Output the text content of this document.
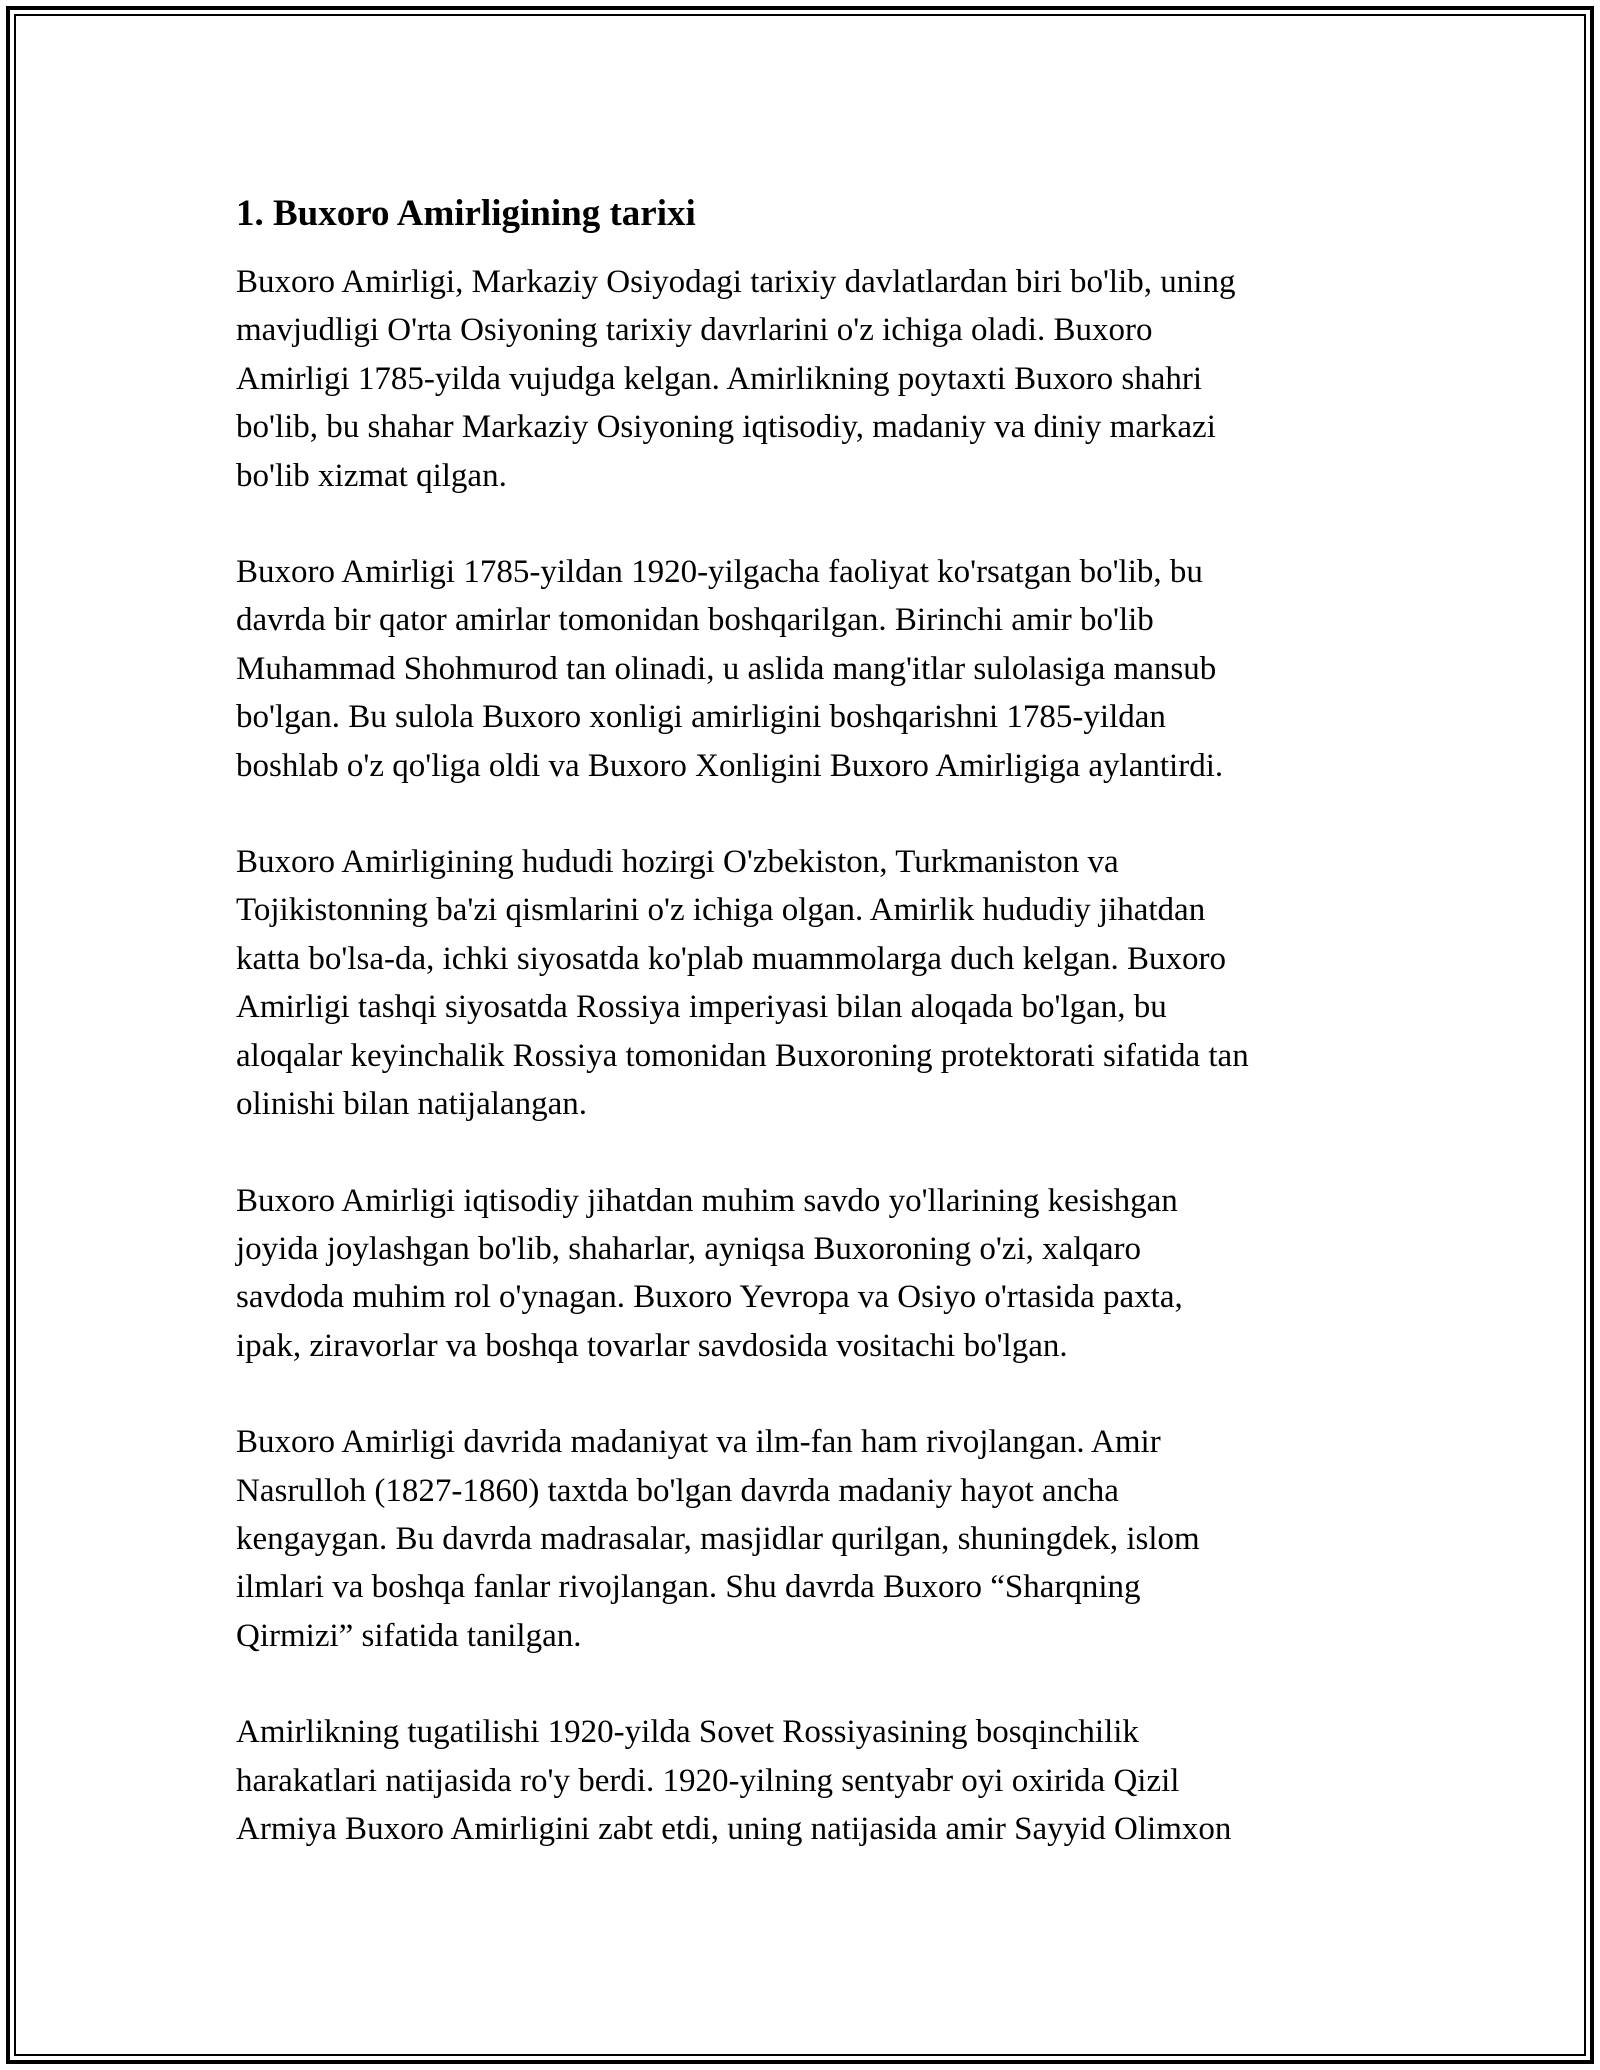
1. Buxoro Amirligining tarixi
Buxoro Amirligi, Markaziy Osiyodagi tarixiy davlatlardan biri bo'lib, uning
mavjudligi O'rta Osiyoning tarixiy davrlarini o'z ichiga oladi. Buxoro
Amirligi 1785-yilda vujudga kelgan. Amirlikning poytaxti Buxoro shahri
bo'lib, bu shahar Markaziy Osiyoning iqtisodiy, madaniy va diniy markazi
bo'lib xizmat qilgan.
Buxoro Amirligi 1785-yildan 1920-yilgacha faoliyat ko'rsatgan bo'lib, bu
davrda bir qator amirlar tomonidan boshqarilgan. Birinchi amir bo'lib
Muhammad Shohmurod tan olinadi, u aslida mang'itlar sulolasiga mansub
bo'lgan. Bu sulola Buxoro xonligi amirligini boshqarishni 1785-yildan
boshlab o'z qo'liga oldi va Buxoro Xonligini Buxoro Amirligiga aylantirdi.
Buxoro Amirligining hududi hozirgi O'zbekiston, Turkmaniston va
Tojikistonning ba'zi qismlarini o'z ichiga olgan. Amirlik hududiy jihatdan
katta bo'lsa-da, ichki siyosatda ko'plab muammolarga duch kelgan. Buxoro
Amirligi tashqi siyosatda Rossiya imperiyasi bilan aloqada bo'lgan, bu
aloqalar keyinchalik Rossiya tomonidan Buxoroning protektorati sifatida tan
olinishi bilan natijalangan.
Buxoro Amirligi iqtisodiy jihatdan muhim savdo yo'llarining kesishgan
joyida joylashgan bo'lib, shaharlar, ayniqsa Buxoroning o'zi, xalqaro
savdoda muhim rol o'ynagan. Buxoro Yevropa va Osiyo o'rtasida paxta,
ipak, ziravorlar va boshqa tovarlar savdosida vositachi bo'lgan.
Buxoro Amirligi davrida madaniyat va ilm-fan ham rivojlangan. Amir
Nasrulloh (1827-1860) taxtda bo'lgan davrda madaniy hayot ancha
kengaygan. Bu davrda madrasalar, masjidlar qurilgan, shuningdek, islom
ilmlari va boshqa fanlar rivojlangan. Shu davrda Buxoro “Sharqning
Qirmizi” sifatida tanilgan.
Amirlikning tugatilishi 1920-yilda Sovet Rossiyasining bosqinchilik
harakatlari natijasida ro'y berdi. 1920-yilning sentyabr oyi oxirida Qizil
Armiya Buxoro Amirligini zabt etdi, uning natijasida amir Sayyid Olimxon
